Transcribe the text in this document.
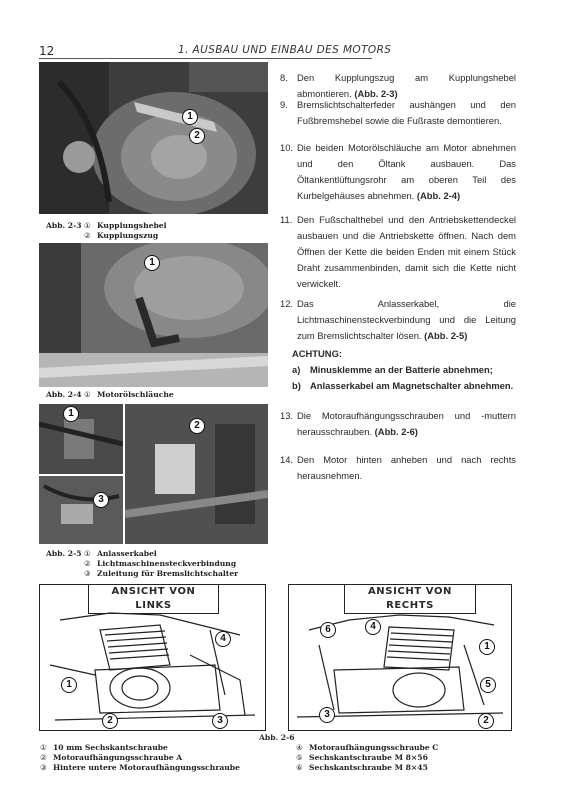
12	1. AUSBAU UND EINBAU DES MOTORS
1
2
Abb. 2-3 ① Kupplungshebel
② Kupplungszug
1
Abb. 2-4 ① Motorölschläuche
1
3
2
Abb. 2-5 ① Anlasserkabel
② Lichtmaschinensteckverbindung
③ Zuleitung für Bremslichtschalter
8. Den Kupplungszug am Kupplungshebel abmontieren. (Abb. 2-3)
9. Bremslichtschalterfeder aushängen und den Fußbremshebel sowie die Fußraste demontieren.
10. Die beiden Motorölschläuche am Motor abnehmen und den Öltank ausbauen. Das Öltankentlüftungsrohr am oberen Teil des Kurbelgehäuses abnehmen. (Abb. 2-4)
11. Den Fußschalthebel und den Antriebskettendeckel ausbauen und die Antriebskette öffnen. Nach dem Öffnen der Kette die beiden Enden mit einem Stück Draht zusammenbinden, damit sich die Kette nicht verwickelt.
12. Das Anlasserkabel, die Lichtmaschinensteckverbindung und die Leitung zum Bremslichtschalter lösen. (Abb. 2-5)
ACHTUNG:
a) Minusklemme an der Batterie abnehmen;
b) Anlasserkabel am Magnetschalter abnehmen.
13. Die Motoraufhängungsschrauben und -muttern herausschrauben. (Abb. 2-6)
14. Den Motor hinten anheben und nach rechts herausnehmen.
ANSICHT VON LINKS
1
2	3
4
ANSICHT VON RECHTS
1
2
3
4
5
6
Abb. 2-6
① 10 mm Sechskantschraube
② Motoraufhängungsschraube A
③ Hintere untere Motoraufhängungsschraube
④ Motoraufhängungsschraube C
⑤ Sechskantschraube M 8×56
⑥ Sechskantschraube M 8×45
